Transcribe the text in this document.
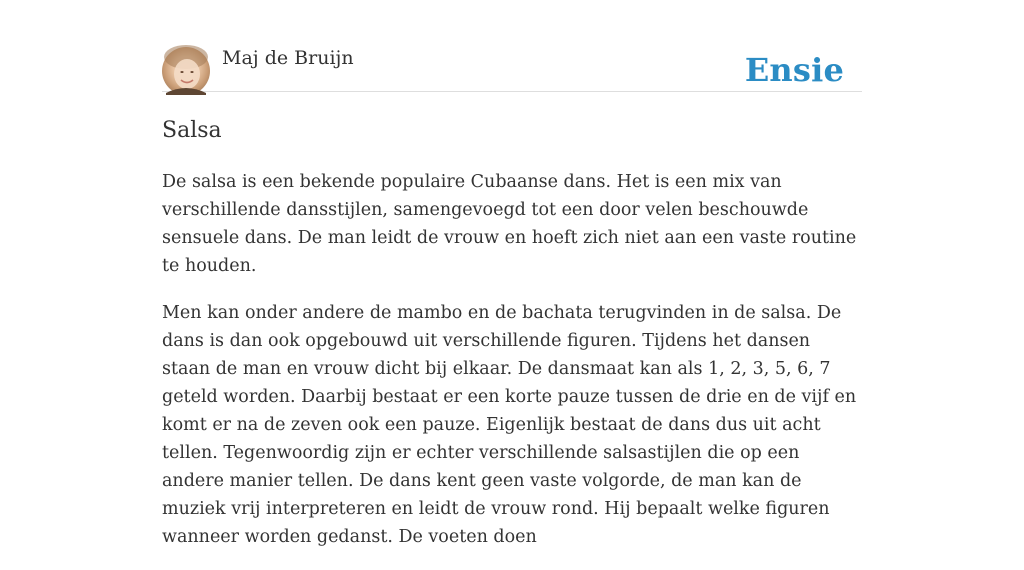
Maj de Bruijn	Ensie
Salsa

De salsa is een bekende populaire Cubaanse dans. Het is een mix van verschillende dansstijlen, samengevoegd tot een door velen beschouwde sensuele dans. De man leidt de vrouw en hoeft zich niet aan een vaste routine te houden.

Men kan onder andere de mambo en de bachata terugvinden in de salsa. De dans is dan ook opgebouwd uit verschillende figuren. Tijdens het dansen staan de man en vrouw dicht bij elkaar. De dansmaat kan als 1, 2, 3, 5, 6, 7 geteld worden. Daarbij bestaat er een korte pauze tussen de drie en de vijf en komt er na de zeven ook een pauze. Eigenlijk bestaat de dans dus uit acht tellen. Tegenwoordig zijn er echter verschillende salsastijlen die op een andere manier tellen. De dans kent geen vaste volgorde, de man kan de muziek vrij interpreteren en leidt de vrouw rond. Hij bepaalt welke figuren wanneer worden gedanst. De voeten doen
